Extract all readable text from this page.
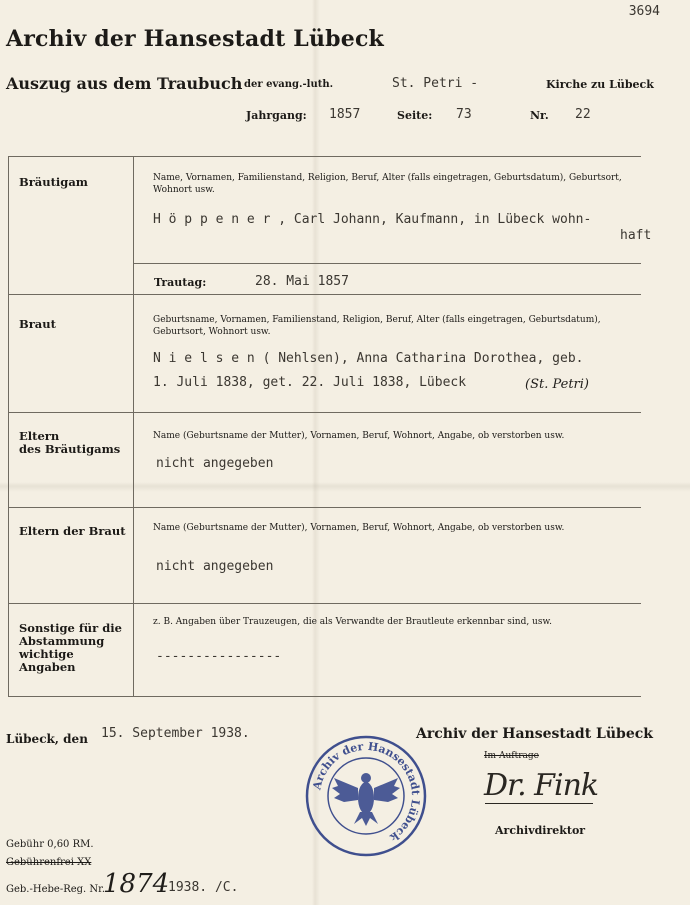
3694
Archiv der Hansestadt Lübeck
Auszug aus dem Traubuch der evang.-luth.	St. Petri -	Kirche zu Lübeck
Jahrgang: 1857	Seite: 73	Nr. 22
Bräutigam	Name, Vornamen, Familienstand, Religion, Beruf, Alter (falls eingetragen, Geburtsdatum), Geburtsort, Wohnort usw.
H ö p p e n e r , Carl Johann, Kaufmann, in Lübeck wohn-
haft
Trautag:	28. Mai 1857
Braut	Geburtsname, Vornamen, Familienstand, Religion, Beruf, Alter (falls eingetragen, Geburtsdatum), Geburtsort, Wohnort usw.
N i e l s e n ( Nehlsen), Anna Catharina Dorothea, geb.
1. Juli 1838, get. 22. Juli 1838, Lübeck	(St. Petri)
Eltern
des Bräutigams
Name (Geburtsname der Mutter), Vornamen, Beruf, Wohnort, Angabe, ob verstorben usw.
nicht angegeben
Eltern der Braut	Name (Geburtsname der Mutter), Vornamen, Beruf, Wohnort, Angabe, ob verstorben usw.
nicht angegeben
Sonstige für die
Abstammung
wichtige
Angaben
z. B. Angaben über Trauzeugen, die als Verwandte der Brautleute erkennbar sind, usw.
----------------
Lübeck, den 15. September 1938.	Archiv der Hansestadt Lübeck
Im Auftrage
Dr. Fink
Archivdirektor
Archiv der Hansestadt Lübeck
Gebühr 0,60 RM.
Gebührenfrei XX
Geb.-Hebe-Reg. Nr.
1874
1938. /C.
